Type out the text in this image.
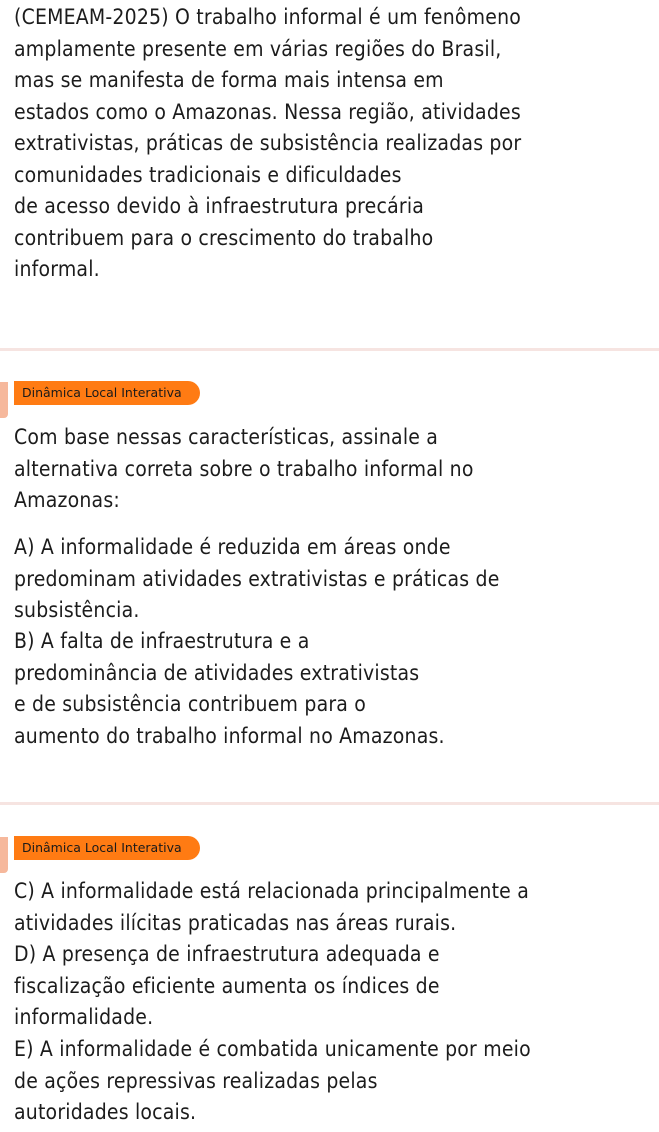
(CEMEAM-2025) O trabalho informal é um fenômeno
amplamente presente em várias regiões do Brasil,
mas se manifesta de forma mais intensa em
estados como o Amazonas. Nessa região, atividades
extrativistas, práticas de subsistência realizadas por
comunidades tradicionais e dificuldades
de acesso devido à infraestrutura precária
contribuem para o crescimento do trabalho
informal.
Dinâmica Local Interativa
Com base nessas características, assinale a
alternativa correta sobre o trabalho informal no
Amazonas:
A) A informalidade é reduzida em áreas onde
predominam atividades extrativistas e práticas de
subsistência.
B) A falta de infraestrutura e a
predominância de atividades extrativistas
e de subsistência contribuem para o
aumento do trabalho informal no Amazonas.
Dinâmica Local Interativa
C) A informalidade está relacionada principalmente a
atividades ilícitas praticadas nas áreas rurais.
D) A presença de infraestrutura adequada e
fiscalização eficiente aumenta os índices de
informalidade.
E) A informalidade é combatida unicamente por meio
de ações repressivas realizadas pelas
autoridades locais.
